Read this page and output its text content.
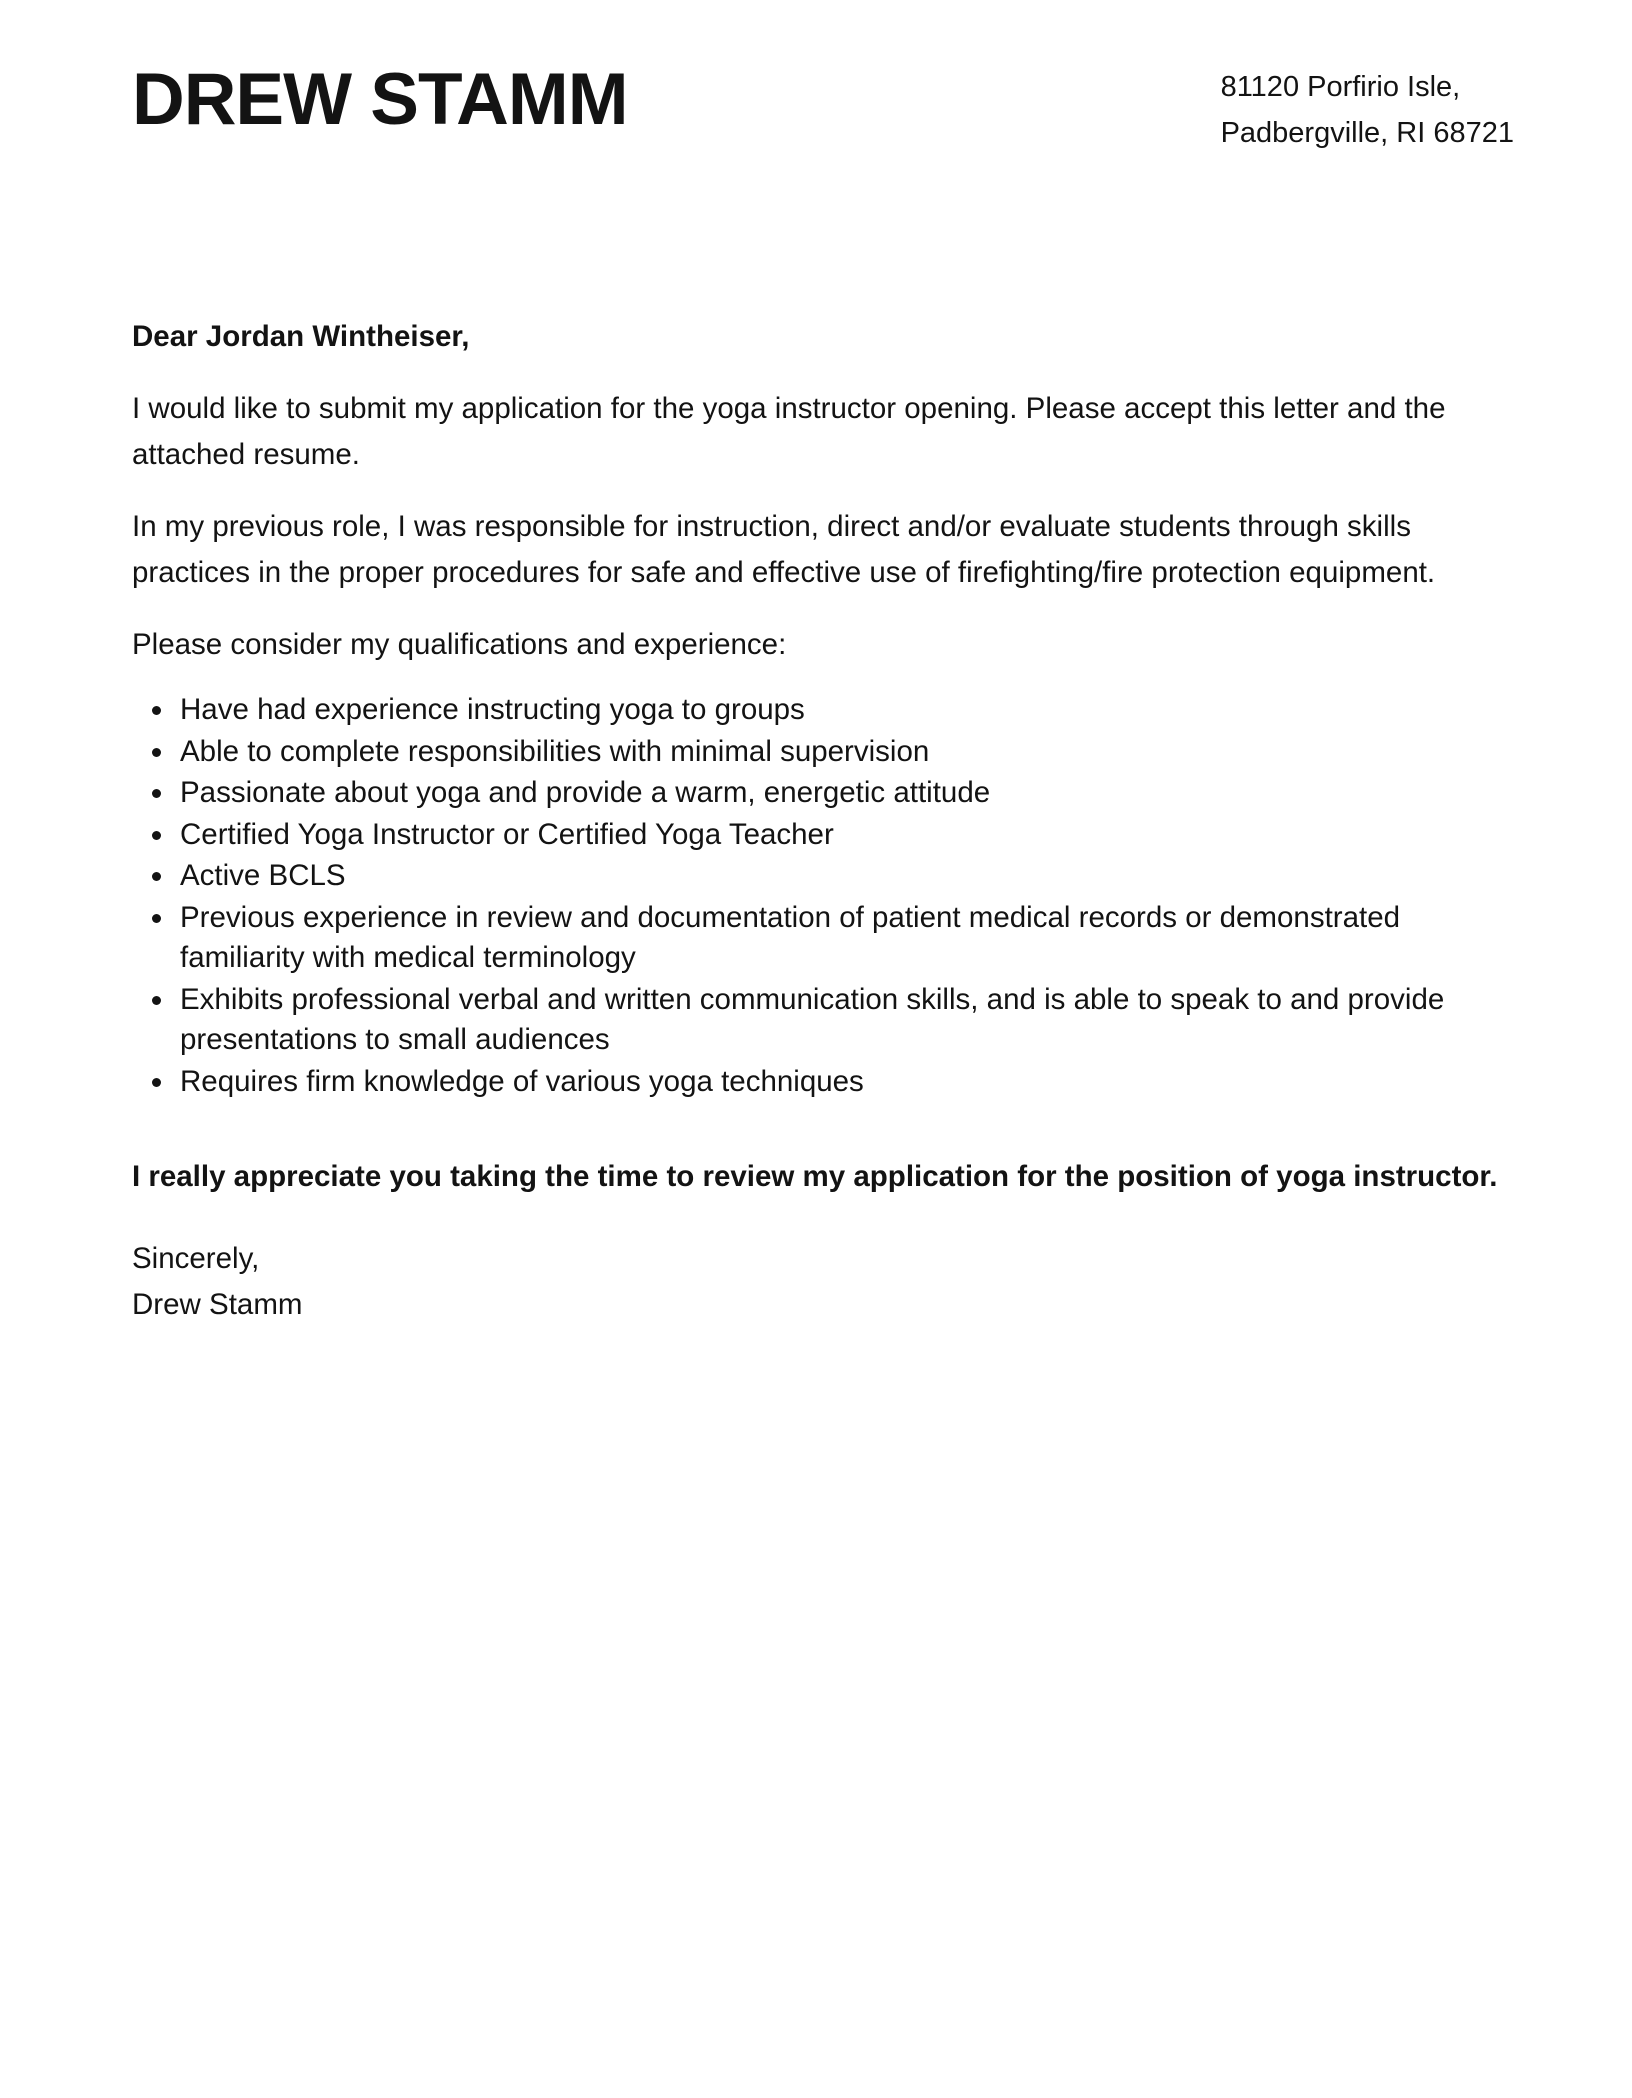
DREW STAMM	81120 Porfirio Isle,
Padbergville, RI 68721

Dear Jordan Wintheiser,

I would like to submit my application for the yoga instructor opening. Please accept this letter and the attached resume.

In my previous role, I was responsible for instruction, direct and/or evaluate students through skills practices in the proper procedures for safe and effective use of firefighting/fire protection equipment.

Please consider my qualifications and experience:

• Have had experience instructing yoga to groups
• Able to complete responsibilities with minimal supervision
• Passionate about yoga and provide a warm, energetic attitude
• Certified Yoga Instructor or Certified Yoga Teacher
• Active BCLS
• Previous experience in review and documentation of patient medical records or demonstrated familiarity with medical terminology
• Exhibits professional verbal and written communication skills, and is able to speak to and provide presentations to small audiences
• Requires firm knowledge of various yoga techniques

I really appreciate you taking the time to review my application for the position of yoga instructor.

Sincerely,
Drew Stamm
